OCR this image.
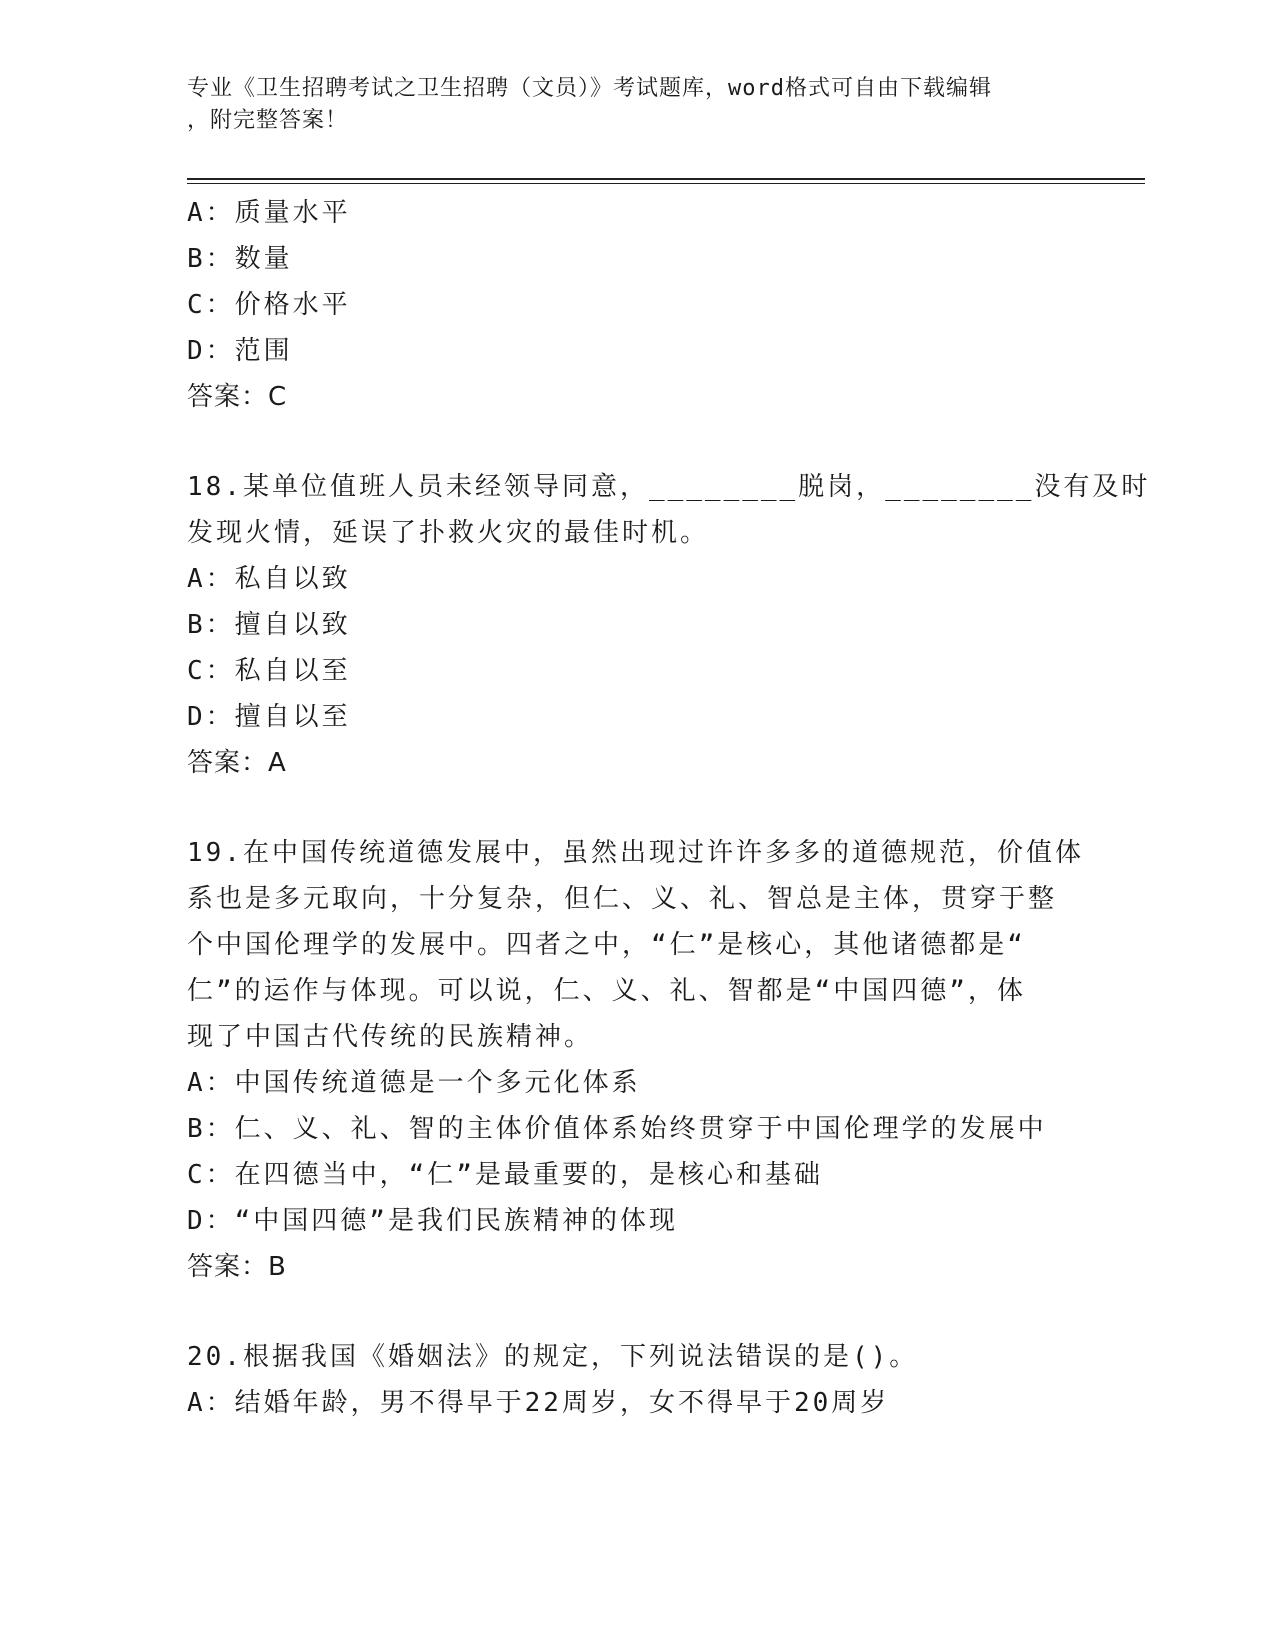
专业《卫生招聘考试之卫生招聘（文员）》考试题库，word格式可自由下载编辑
，附完整答案！
A：质量水平
B：数量
C：价格水平
D：范围
答案：C
18.某单位值班人员未经领导同意，________脱岗，________没有及时
发现火情，延误了扑救火灾的最佳时机。
A：私自以致
B：擅自以致
C：私自以至
D：擅自以至
答案：A
19.在中国传统道德发展中，虽然出现过许许多多的道德规范，价值体
系也是多元取向，十分复杂，但仁、义、礼、智总是主体，贯穿于整
个中国伦理学的发展中。四者之中，“仁”是核心，其他诸德都是“
仁”的运作与体现。可以说，仁、义、礼、智都是“中国四德”，体
现了中国古代传统的民族精神。
A：中国传统道德是一个多元化体系
B：仁、义、礼、智的主体价值体系始终贯穿于中国伦理学的发展中
C：在四德当中，“仁”是最重要的，是核心和基础
D：“中国四德”是我们民族精神的体现
答案：B
20.根据我国《婚姻法》的规定，下列说法错误的是()。
A：结婚年龄，男不得早于22周岁，女不得早于20周岁
